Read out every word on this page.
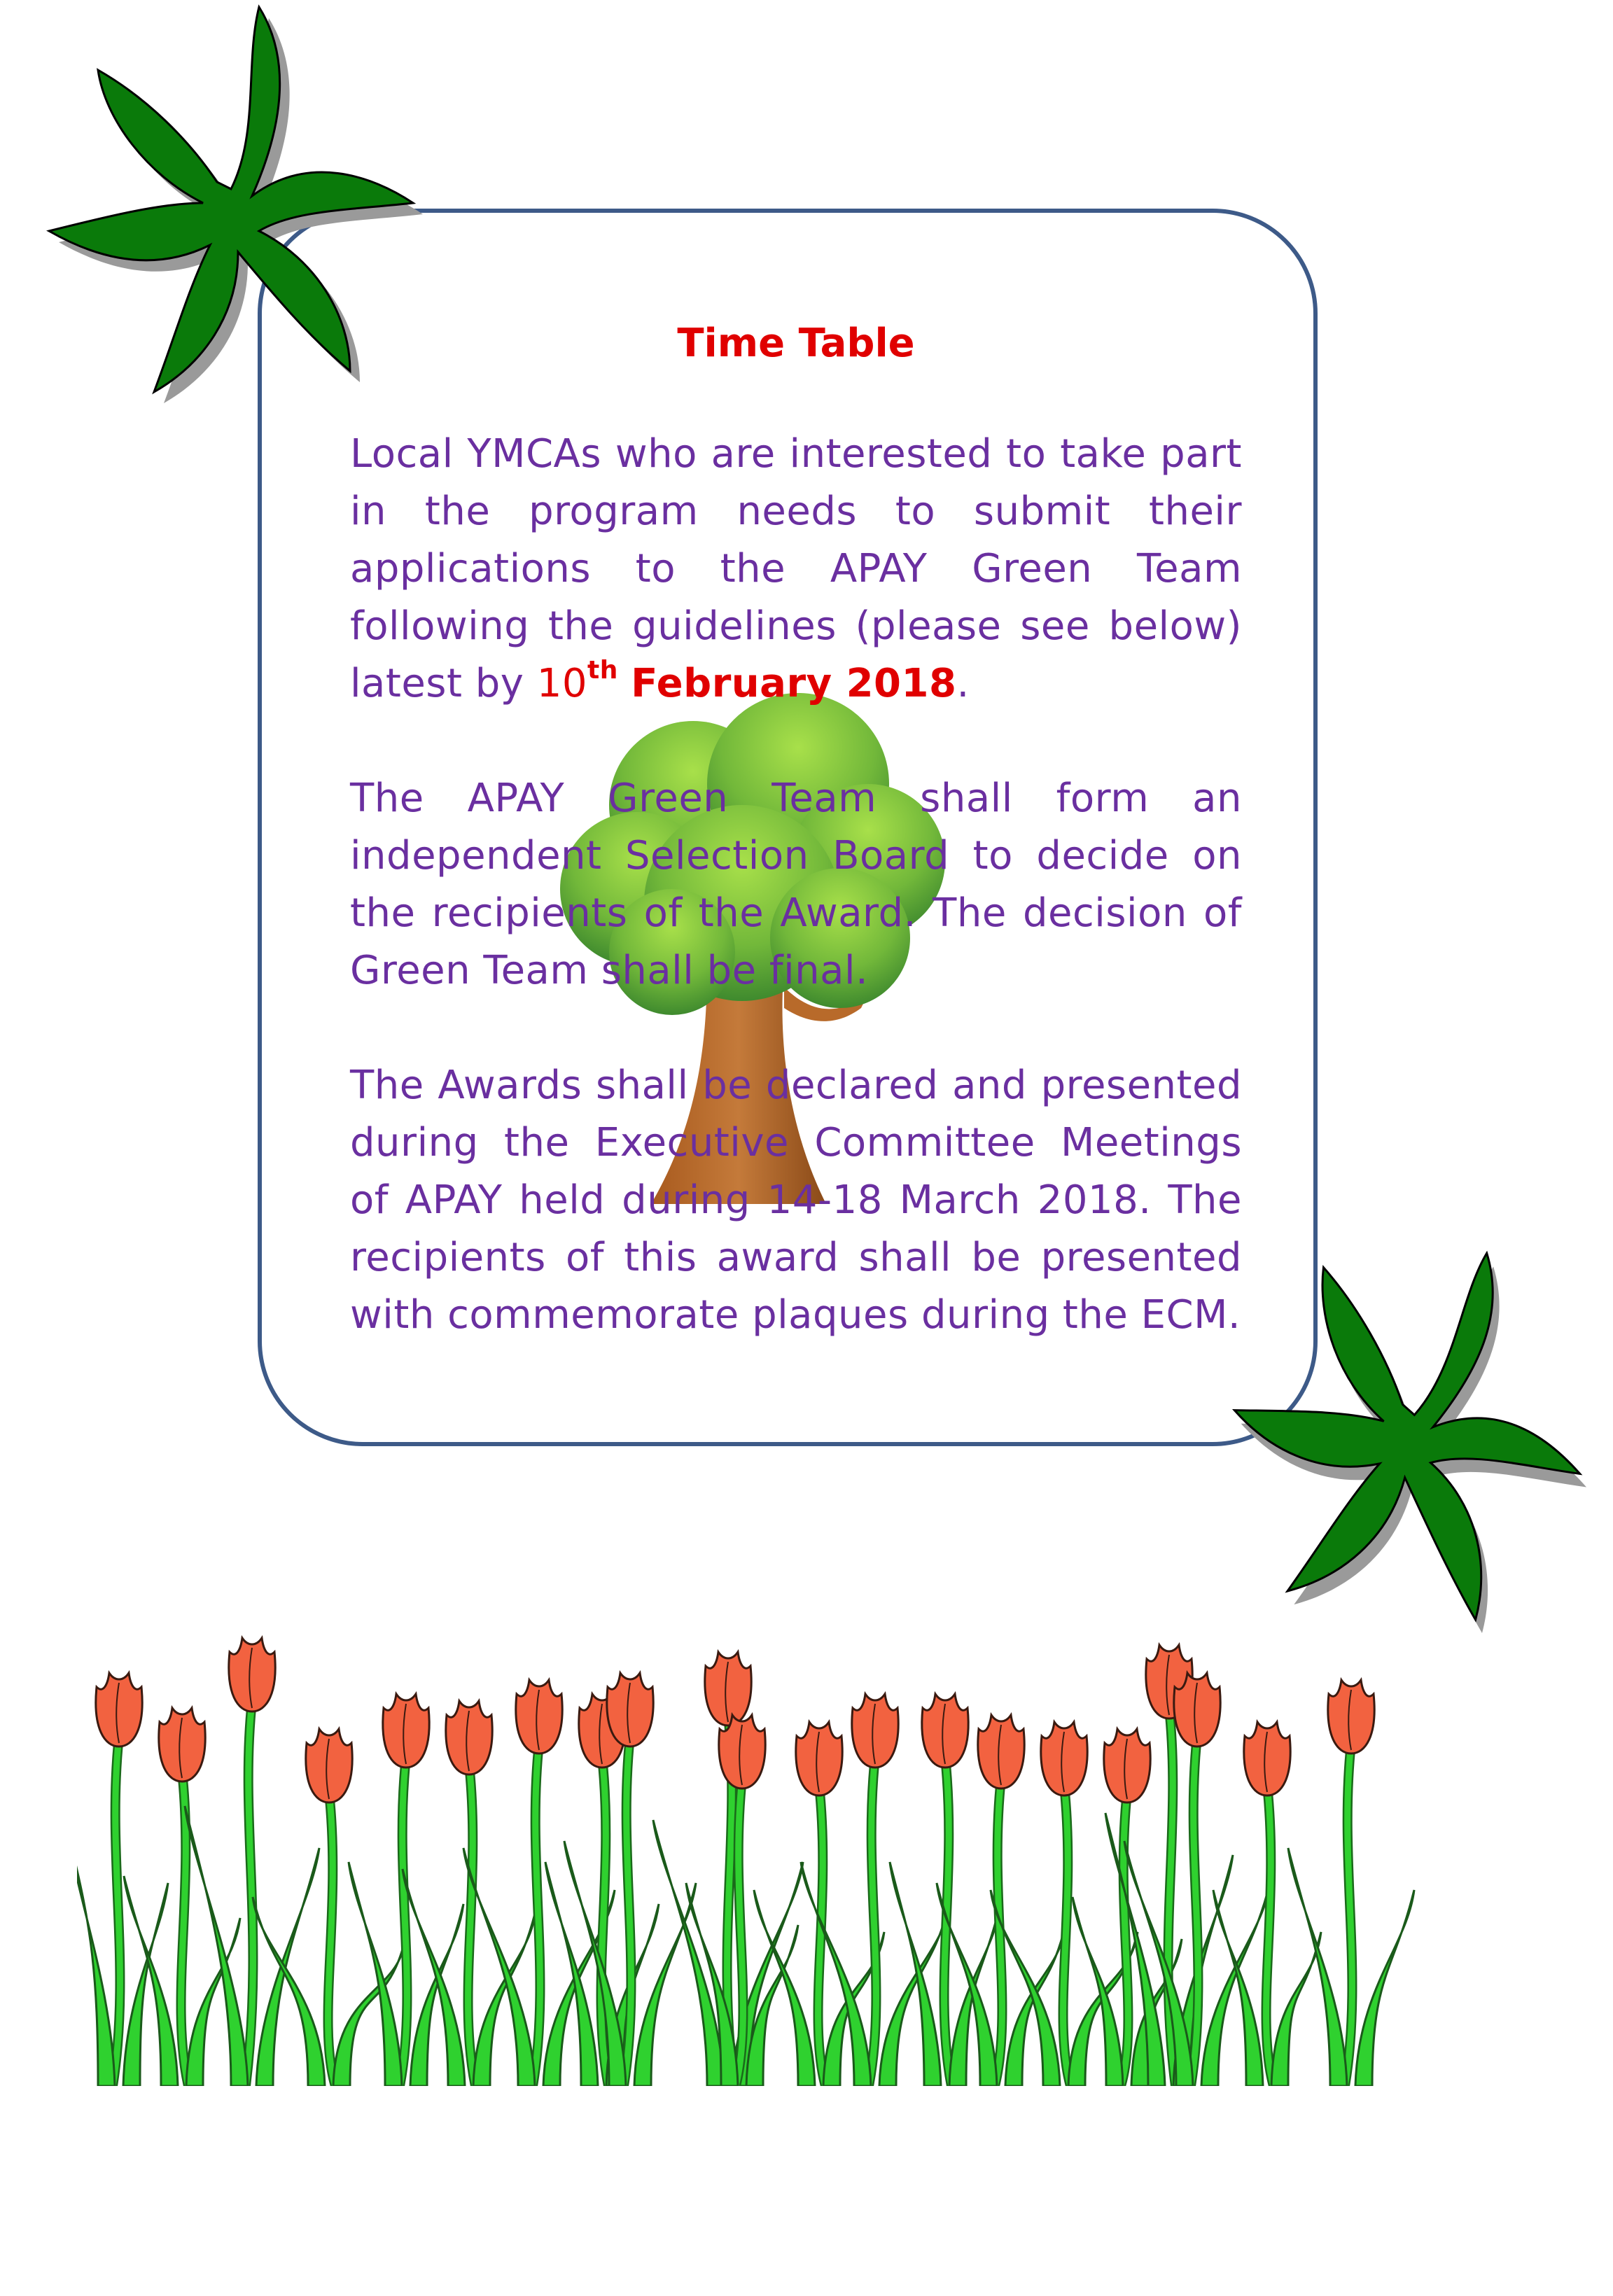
Time Table

Local YMCAs who are interested to take part in the program needs to submit their applications to the APAY Green Team following the guidelines (please see below) latest by 10th February 2018.

The APAY Green Team shall form an independent Selection Board to decide on the recipients of the Award. The decision of Green Team shall be final.

The Awards shall be declared and presented during the Executive Committee Meetings of APAY held during 14-18 March 2018. The recipients of this award shall be presented with commemorate plaques during the ECM.
